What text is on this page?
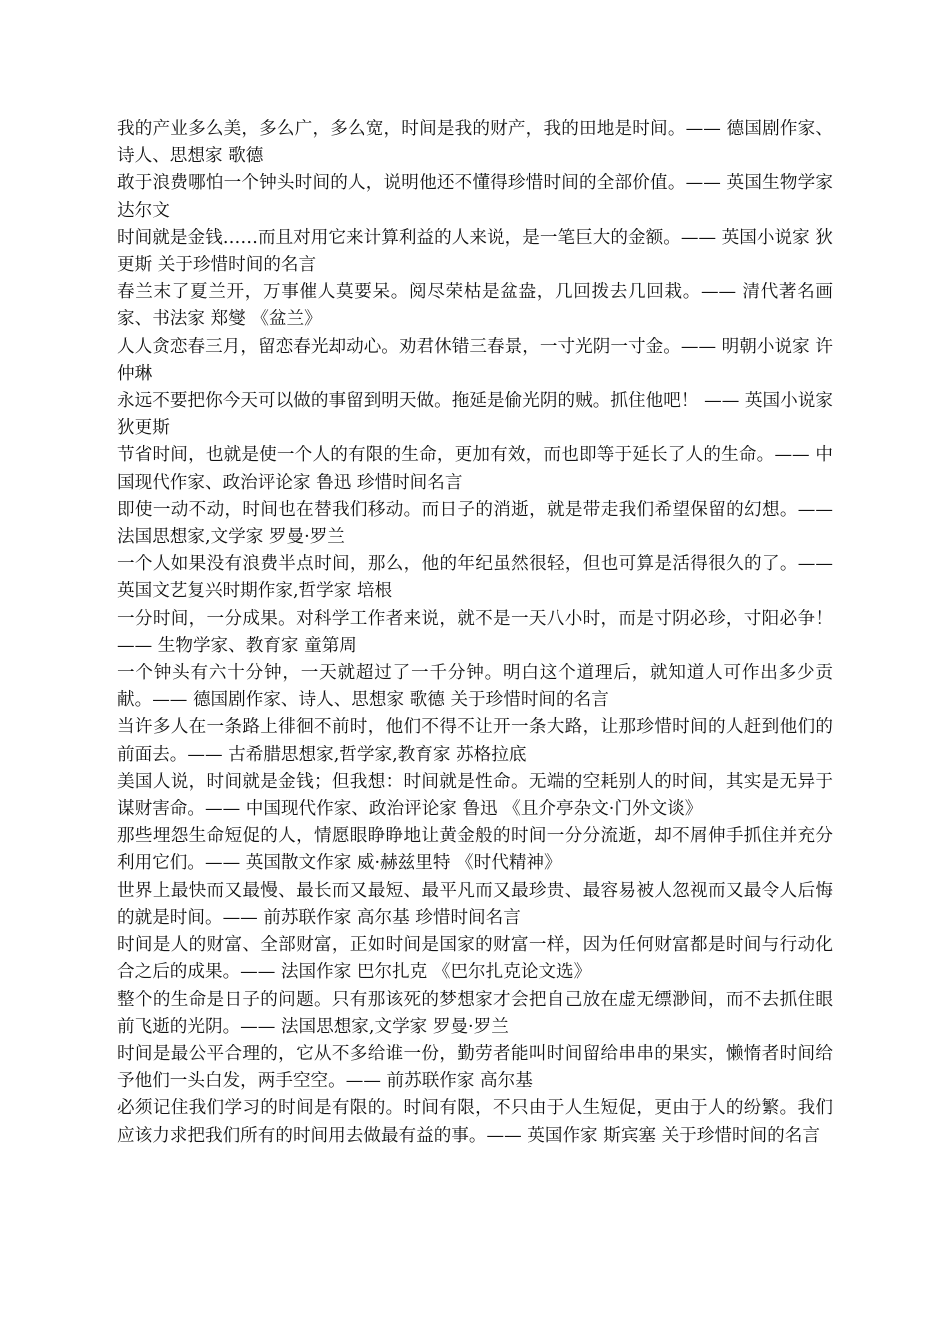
我的产业多么美，多么广，多么宽，时间是我的财产，我的田地是时间。—— 德国剧作家、诗人、思想家 歌德

敢于浪费哪怕一个钟头时间的人，说明他还不懂得珍惜时间的全部价值。—— 英国生物学家 达尔文

时间就是金钱……而且对用它来计算利益的人来说，是一笔巨大的金额。—— 英国小说家 狄更斯 关于珍惜时间的名言

春兰末了夏兰开，万事催人莫要呆。阅尽荣枯是盆盎，几回拨去几回栽。—— 清代著名画家、书法家 郑燮 《盆兰》

人人贪恋春三月，留恋春光却动心。劝君休错三春景，一寸光阴一寸金。—— 明朝小说家 许仲琳

永远不要把你今天可以做的事留到明天做。拖延是偷光阴的贼。抓住他吧！ —— 英国小说家 狄更斯

节省时间，也就是使一个人的有限的生命，更加有效，而也即等于延长了人的生命。—— 中国现代作家、政治评论家 鲁迅 珍惜时间名言

即使一动不动，时间也在替我们移动。而日子的消逝，就是带走我们希望保留的幻想。—— 法国思想家,文学家 罗曼·罗兰

一个人如果没有浪费半点时间，那么，他的年纪虽然很轻，但也可算是活得很久的了。—— 英国文艺复兴时期作家,哲学家 培根

一分时间，一分成果。对科学工作者来说，就不是一天八小时，而是寸阴必珍，寸阳必争！ —— 生物学家、教育家 童第周

一个钟头有六十分钟，一天就超过了一千分钟。明白这个道理后，就知道人可作出多少贡献。—— 德国剧作家、诗人、思想家 歌德 关于珍惜时间的名言

当许多人在一条路上徘徊不前时，他们不得不让开一条大路，让那珍惜时间的人赶到他们的前面去。—— 古希腊思想家,哲学家,教育家 苏格拉底

美国人说，时间就是金钱；但我想：时间就是性命。无端的空耗别人的时间，其实是无异于谋财害命。—— 中国现代作家、政治评论家 鲁迅 《且介亭杂文·门外文谈》

那些埋怨生命短促的人，情愿眼睁睁地让黄金般的时间一分分流逝，却不屑伸手抓住并充分利用它们。—— 英国散文作家 威·赫兹里特 《时代精神》

世界上最快而又最慢、最长而又最短、最平凡而又最珍贵、最容易被人忽视而又最令人后悔的就是时间。—— 前苏联作家 高尔基 珍惜时间名言

时间是人的财富、全部财富，正如时间是国家的财富一样，因为任何财富都是时间与行动化合之后的成果。—— 法国作家 巴尔扎克 《巴尔扎克论文选》

整个的生命是日子的问题。只有那该死的梦想家才会把自己放在虚无缥渺间，而不去抓住眼前飞逝的光阴。—— 法国思想家,文学家 罗曼·罗兰

时间是最公平合理的，它从不多给谁一份，勤劳者能叫时间留给串串的果实，懒惰者时间给予他们一头白发，两手空空。—— 前苏联作家 高尔基

必须记住我们学习的时间是有限的。时间有限，不只由于人生短促，更由于人的纷繁。我们应该力求把我们所有的时间用去做最有益的事。—— 英国作家 斯宾塞 关于珍惜时间的名言
